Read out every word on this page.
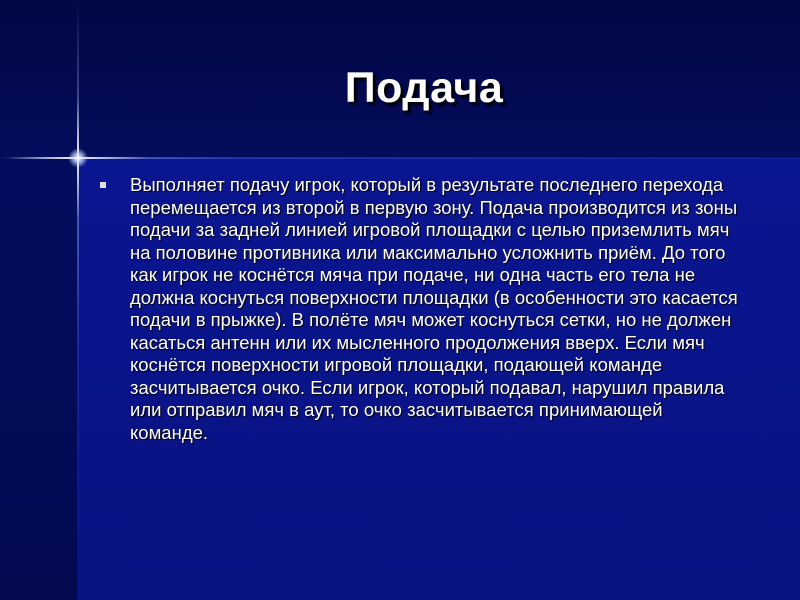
Подача

Выполняет подачу игрок, который в результате последнего перехода перемещается из второй в первую зону. Подача производится из зоны подачи за задней линией игровой площадки с целью приземлить мяч на половине противника или максимально усложнить приём. До того как игрок не коснётся мяча при подаче, ни одна часть его тела не должна коснуться поверхности площадки (в особенности это касается подачи в прыжке). В полёте мяч может коснуться сетки, но не должен касаться антенн или их мысленного продолжения вверх. Если мяч коснётся поверхности игровой площадки, подающей команде засчитывается очко. Если игрок, который подавал, нарушил правила или отправил мяч в аут, то очко засчитывается принимающей команде.
